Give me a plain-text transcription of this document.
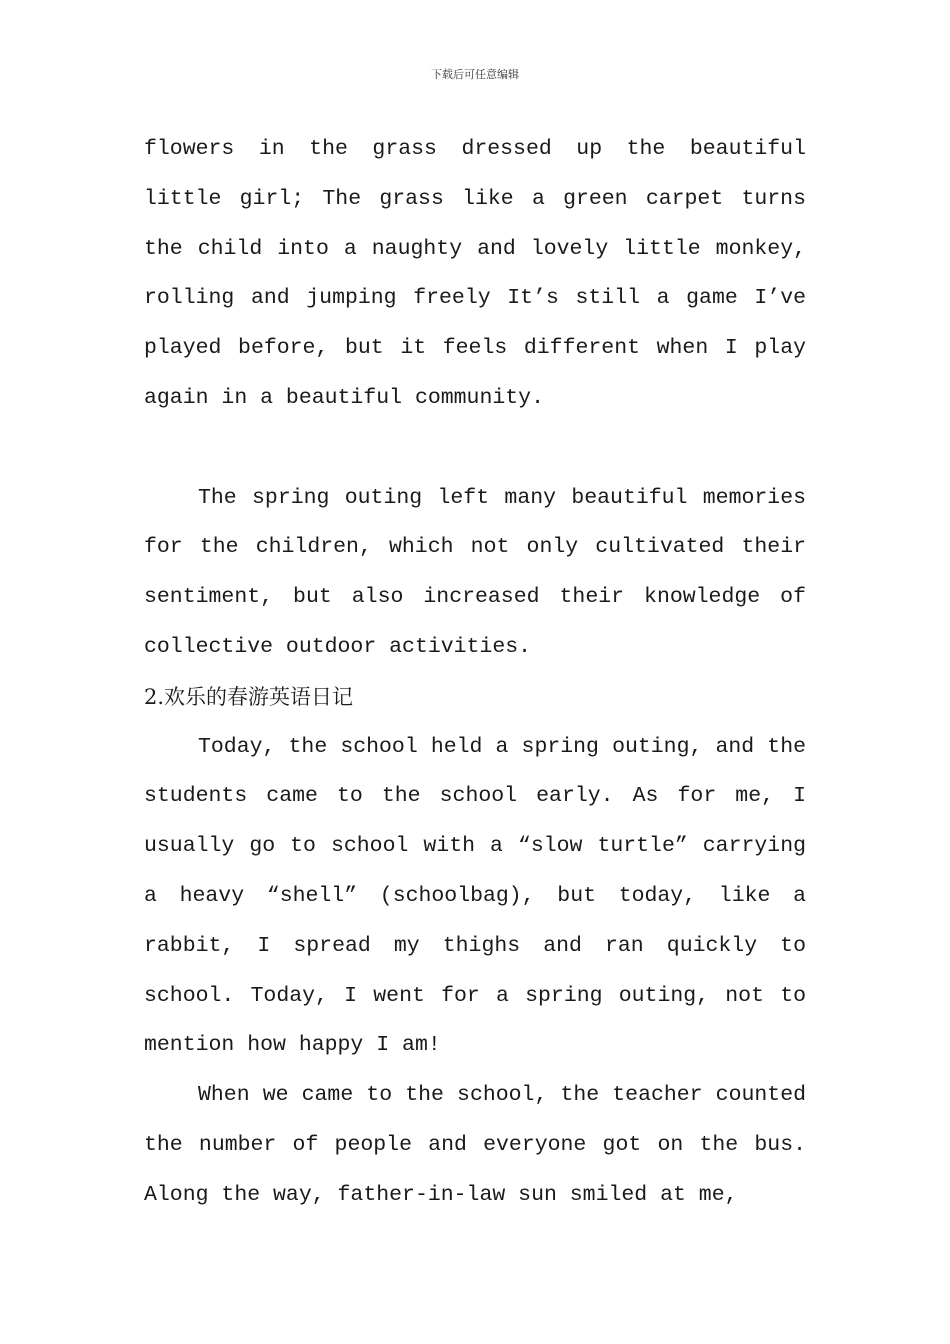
下载后可任意编辑

flowers in the grass dressed up the beautiful little girl; The grass like a green carpet turns the child into a naughty and lovely little monkey, rolling and jumping freely It’s still a game I’ve played before, but it feels different when I play again in a beautiful community.

The spring outing left many beautiful memories for the children, which not only cultivated their sentiment, but also increased their knowledge of collective outdoor activities.

2.欢乐的春游英语日记

Today, the school held a spring outing, and the students came to the school early. As for me, I usually go to school with a “slow turtle” carrying a heavy “shell” (schoolbag), but today, like a rabbit, I spread my thighs and ran quickly to school. Today, I went for a spring outing, not to mention how happy I am!

When we came to the school, the teacher counted the number of people and everyone got on the bus. Along the way, father-in-law sun smiled at me,
